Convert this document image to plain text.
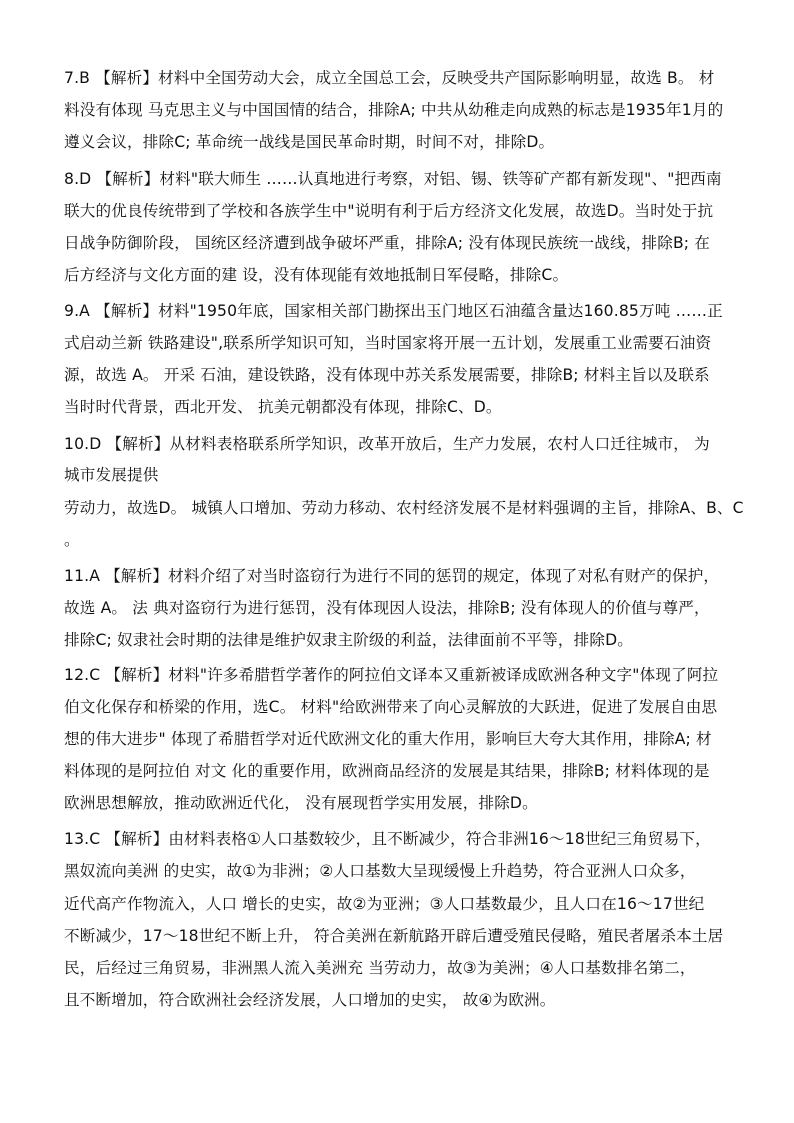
7.B 【解析】材料中全国劳动大会，成立全国总工会，反映受共产国际影响明显，故选 B。 材
料没有体现 马克思主义与中国国情的结合，排除A; 中共从幼稚走向成熟的标志是1935年1月的
遵义会议，排除C; 革命统一战线是国民革命时期，时间不对，排除D。
8.D 【解析】材料"联大师生 ……认真地进行考察，对铝、锡、铁等矿产都有新发现"、"把西南
联大的优良传统带到了学校和各族学生中"说明有利于后方经济文化发展，故选D。当时处于抗
日战争防御阶段， 国统区经济遭到战争破坏严重，排除A; 没有体现民族统一战线，排除B; 在
后方经济与文化方面的建 设，没有体现能有效地抵制日军侵略，排除C。
9.A 【解析】材料"1950年底，国家相关部门勘探出玉门地区石油蕴含量达160.85万吨 ……正
式启动兰新 铁路建设",联系所学知识可知，当时国家将开展一五计划，发展重工业需要石油资
源，故选 A。 开采 石油，建设铁路，没有体现中苏关系发展需要，排除B; 材料主旨以及联系
当时时代背景，西北开发、 抗美元朝都没有体现，排除C、D。
10.D 【解析】从材料表格联系所学知识，改革开放后，生产力发展，农村人口迁往城市， 为
城市发展提供
劳动力，故选D。 城镇人口增加、劳动力移动、农村经济发展不是材料强调的主旨，排除A、B、C
。
11.A 【解析】材料介绍了对当时盗窃行为进行不同的惩罚的规定，体现了对私有财产的保护，
故选 A。 法 典对盗窃行为进行惩罚，没有体现因人设法，排除B; 没有体现人的价值与尊严，
排除C; 奴隶社会时期的法律是维护奴隶主阶级的利益，法律面前不平等，排除D。
12.C 【解析】材料"许多希腊哲学著作的阿拉伯文译本又重新被译成欧洲各种文字"体现了阿拉
伯文化保存和桥梁的作用，选C。 材料"给欧洲带来了向心灵解放的大跃进，促进了发展自由思
想的伟大进步" 体现了希腊哲学对近代欧洲文化的重大作用，影响巨大夸大其作用，排除A; 材
料体现的是阿拉伯 对文 化的重要作用，欧洲商品经济的发展是其结果，排除B; 材料体现的是
欧洲思想解放，推动欧洲近代化， 没有展现哲学实用发展，排除D。
13.C 【解析】由材料表格①人口基数较少，且不断减少，符合非洲16～18世纪三角贸易下，
黑奴流向美洲 的史实，故①为非洲；②人口基数大呈现缓慢上升趋势，符合亚洲人口众多，
近代高产作物流入，人口 增长的史实，故②为亚洲；③人口基数最少，且人口在16～17世纪
不断减少，17～18世纪不断上升， 符合美洲在新航路开辟后遭受殖民侵略，殖民者屠杀本土居
民，后经过三角贸易，非洲黑人流入美洲充 当劳动力，故③为美洲；④人口基数排名第二，
且不断增加，符合欧洲社会经济发展，人口增加的史实， 故④为欧洲。
